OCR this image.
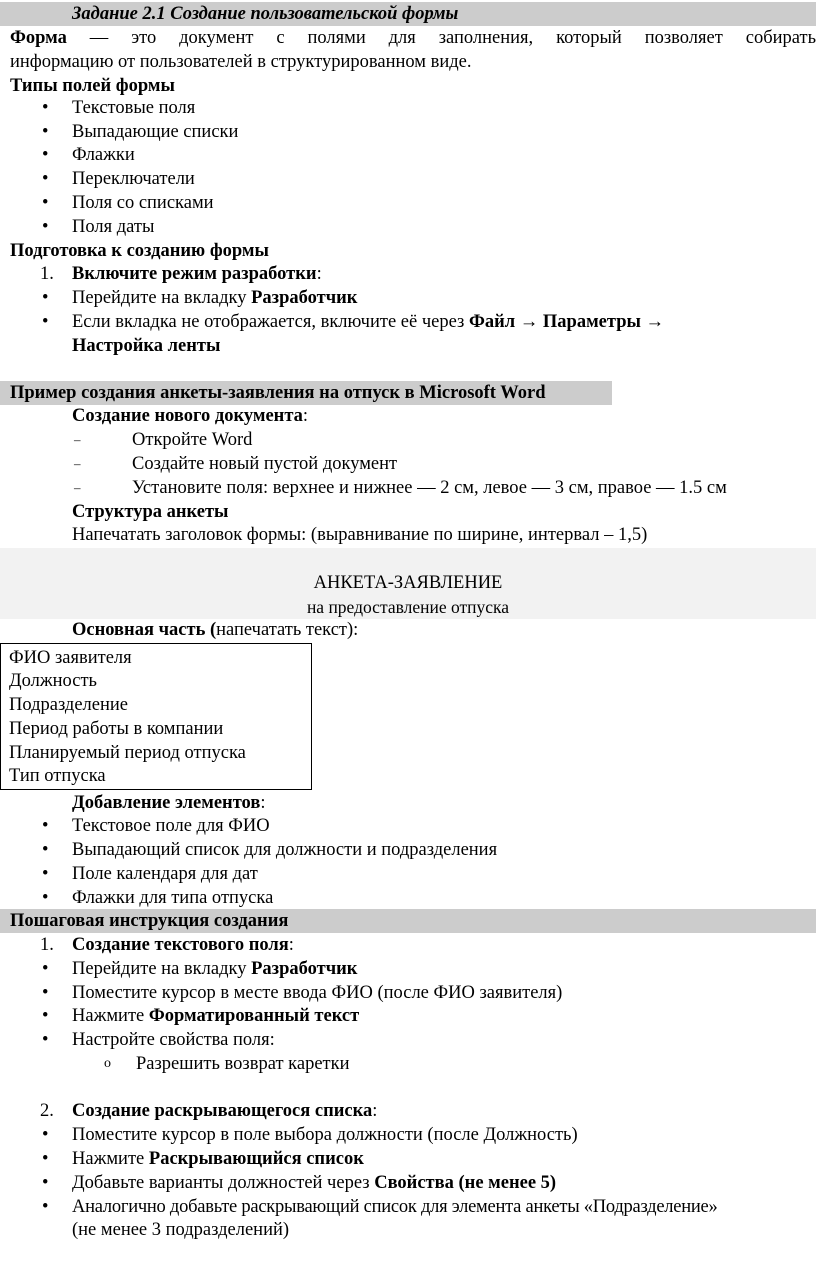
Задание 2.1 Создание пользовательской формы
Форма — это документ с полями для заполнения, который позволяет собирать
информацию от пользователей в структурированном виде.
Типы полей формы
• Текстовые поля
• Выпадающие списки
• Флажки
• Переключатели
• Поля со списками
• Поля даты
Подготовка к созданию формы
1. Включите режим разработки:
• Перейдите на вкладку Разработчик
• Если вкладка не отображается, включите её через Файл → Параметры →
Настройка ленты
Пример создания анкеты-заявления на отпуск в Microsoft Word
Создание нового документа:
–	Откройте Word
–	Создайте новый пустой документ
–	Установите поля: верхнее и нижнее — 2 см, левое — 3 см, правое — 1.5 см
Структура анкеты
Напечатать заголовок формы: (выравнивание по ширине, интервал – 1,5)
АНКЕТА-ЗАЯВЛЕНИЕ
на предоставление отпуска
Основная часть (напечатать текст):
ФИО заявителя
Должность
Подразделение
Период работы в компании
Планируемый период отпуска
Тип отпуска
Добавление элементов:
• Текстовое поле для ФИО
• Выпадающий список для должности и подразделения
• Поле календаря для дат
• Флажки для типа отпуска
Пошаговая инструкция создания
1. Создание текстового поля:
• Перейдите на вкладку Разработчик
• Поместите курсор в месте ввода ФИО (после ФИО заявителя)
• Нажмите Форматированный текст
• Настройте свойства поля:
o Разрешить возврат каретки
2. Создание раскрывающегося списка:
• Поместите курсор в поле выбора должности (после Должность)
• Нажмите Раскрывающийся список
• Добавьте варианты должностей через Свойства (не менее 5)
• Аналогично добавьте раскрывающий список для элемента анкеты «Подразделение»
(не менее 3 подразделений)
